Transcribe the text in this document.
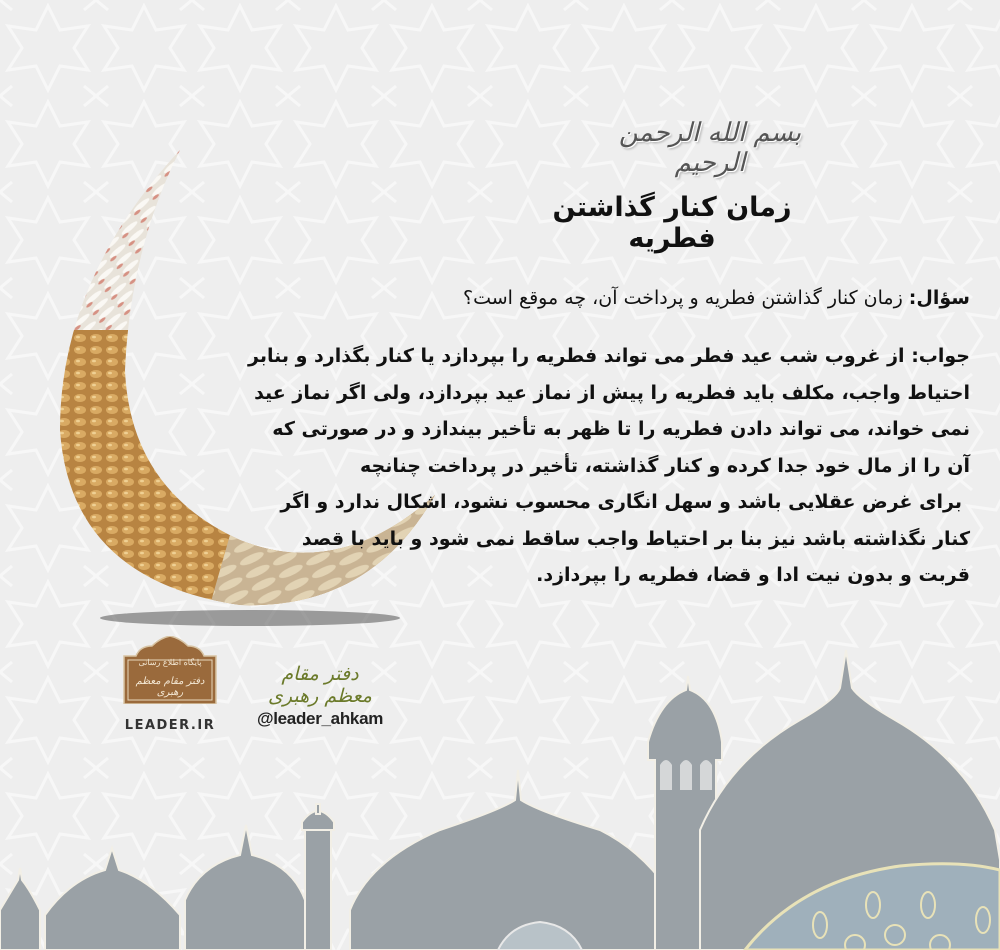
بسم الله الرحمن الرحیم
زمان کنار گذاشتن فطریه
سؤال: زمان کنار گذاشتن فطریه و پرداخت آن، چه موقع است؟
جواب: از غروب شب عید فطر می تواند فطریه را بپردازد یا کنار بگذارد و بنابر
احتیاط واجب، مکلف باید فطریه را پیش از نماز عید بپردازد، ولی اگر نماز عید
نمی خواند، می تواند دادن فطریه را تا ظهر به تأخیر بیندازد و در صورتی که
آن را از مال خود جدا کرده و کنار گذاشته، تأخیر در پرداخت چنانچه
برای غرض عقلایی باشد و سهل انگاری محسوب نشود، اشکال ندارد و اگر
کنار نگذاشته باشد نیز بنا بر احتیاط واجب ساقط نمی شود و باید با قصد
قربت و بدون نیت ادا و قضا، فطریه را بپردازد.
پایگاه اطلاع رسانی
دفتر مقام معظم رهبری
LEADER.IR
دفتر مقام معظم رهبری
@leader_ahkam
